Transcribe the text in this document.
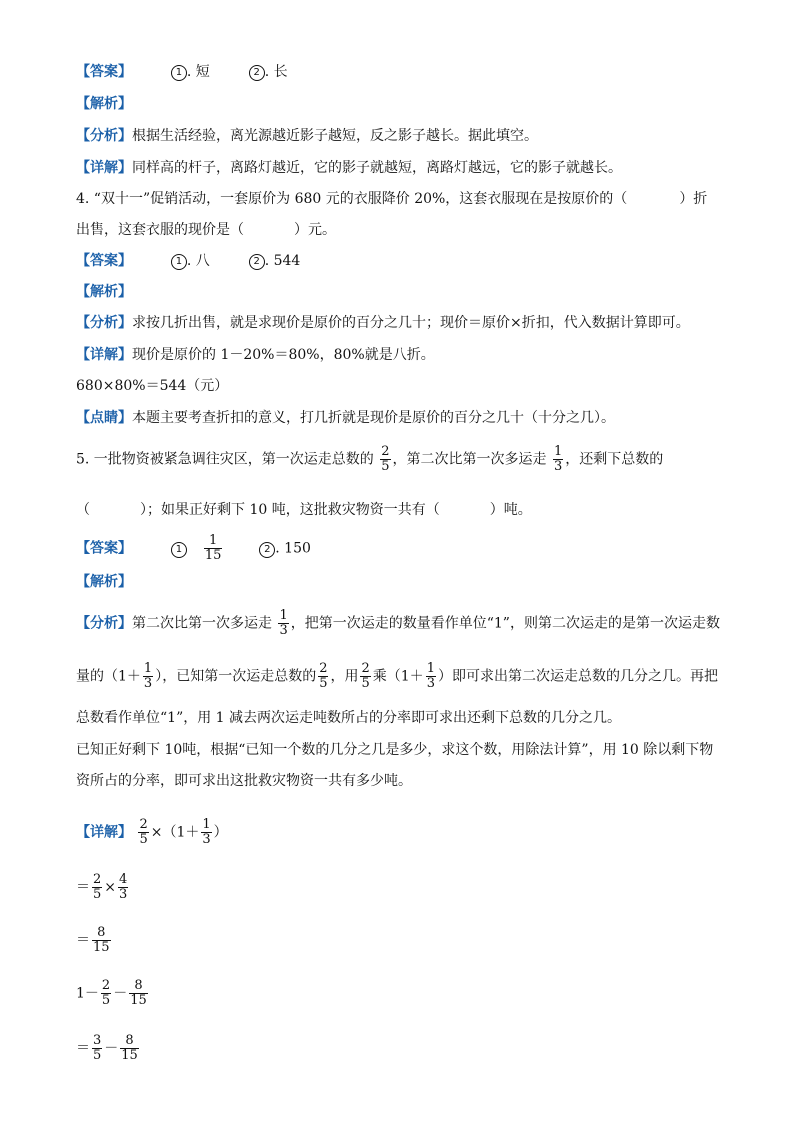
【答案】	1 . 短	2 . 长
【解析】
【分析】根据生活经验，离光源越近影子越短，反之影子越长。据此填空。
【详解】同样高的杆子，离路灯越近，它的影子就越短，离路灯越远，它的影子就越长。
4. “双十一”促销活动，一套原价为 680 元的衣服降价 20%，这套衣服现在是按原价的（	）折
出售，这套衣服的现价是（	）元。
【答案】	1 . 八	2 . 544
【解析】
【分析】求按几折出售，就是求现价是原价的百分之几十；现价＝原价×折扣，代入数据计算即可。
【详解】现价是原价的 1－20%＝80%，80%就是八折。
680×80%＝544（元）
【点睛】本题主要考查折扣的意义，打几折就是现价是原价的百分之几十（十分之几）。
5. 一批物资被紧急调往灾区，第一次运走总数的 $\frac{2}{5}$ ，第二次比第一次多运走 $\frac{1}{3}$ ，还剩下总数的
（	）；如果正好剩下 10 吨，这批救灾物资一共有（	）吨。
【答案】	$1 \frac{1}{15}$	2 . 150
【解析】
【分析】第二次比第一次多运走 $\frac{1}{3}$ ，把第一次运走的数量看作单位“1”，则第二次运走的是第一次运走数
量的（$1+ \frac{1}{3}$ ），已知第一次运走总数的 $\frac{2}{5}$ ，用 $\frac{2}{5}$ 乘（$1+ \frac{1}{3}$ ）即可求出第二次运走总数的几分之几。再把
总数看作单位“1”，用 1 减去两次运走吨数所占的分率即可求出还剩下总数的几分之几。
已知正好剩下 10吨，根据“已知一个数的几分之几是多少，求这个数，用除法计算”，用 10 除以剩下物
资所占的分率，即可求出这批救灾物资一共有多少吨。
【详解】 $\frac{2}{5} \times(1+ \frac{1}{3}$ ）
＝ $\frac{2}{5} \times \frac{4}{3}$
＝ $\frac{8}{15}$
$1- \frac{2}{5} - \frac{8}{15}$
＝ $\frac{3}{5} - \frac{8}{15}$
